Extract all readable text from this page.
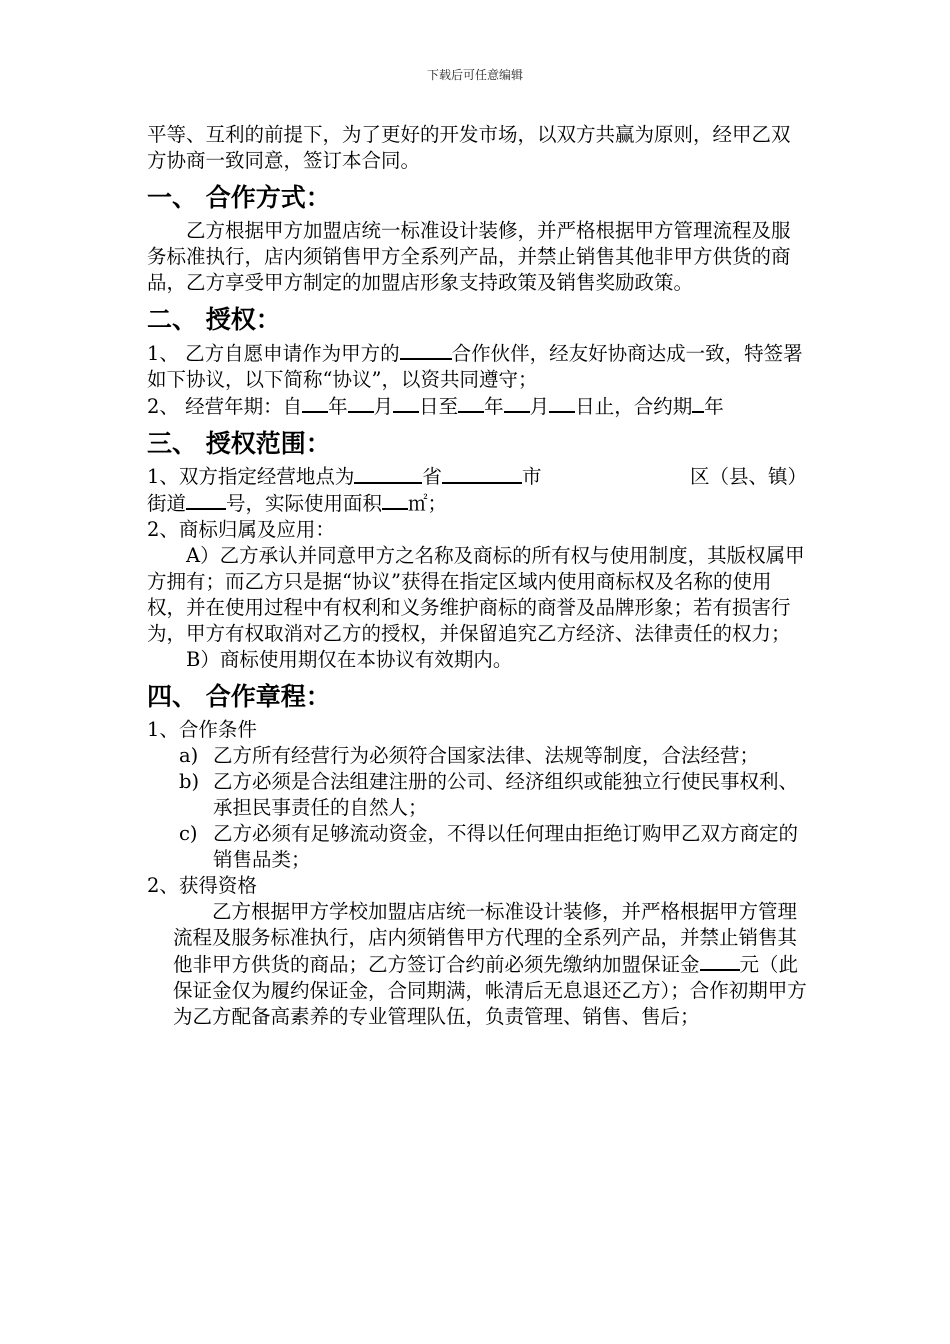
下载后可任意编辑

平等、互利的前提下，为了更好的开发市场，以双方共赢为原则，经甲乙双方协商一致同意，签订本合同。

一、 合作方式：

乙方根据甲方加盟店统一标准设计装修，并严格根据甲方管理流程及服务标准执行，店内须销售甲方全系列产品，并禁止销售其他非甲方供货的商品，乙方享受甲方制定的加盟店形象支持政策及销售奖励政策。

二、 授权：

1、 乙方自愿申请作为甲方的	合作伙伴，经友好协商达成一致，特签署如下协议，以下简称“协议”，以资共同遵守；

2、 经营年期：自 年 月 日至 年 月 日止，合约期 年

三、 授权范围：
1、双方指定经营地点为	省	市	区（县、镇）

街道 号，实际使用面积 ㎡；

2、商标归属及应用：

A）乙方承认并同意甲方之名称及商标的所有权与使用制度，其版权属甲方拥有；而乙方只是据“协议”获得在指定区域内使用商标权及名称的使用权，并在使用过程中有权利和义务维护商标的商誉及品牌形象；若有损害行为，甲方有权取消对乙方的授权，并保留追究乙方经济、法律责任的权力；

B）商标使用期仅在本协议有效期内。

四、 合作章程：

1、合作条件

a) 乙方所有经营行为必须符合国家法律、法规等制度，合法经营；
b) 乙方必须是合法组建注册的公司、经济组织或能独立行使民事权利、承担民事责任的自然人；
c) 乙方必须有足够流动资金，不得以任何理由拒绝订购甲乙双方商定的销售品类；

2、获得资格

乙方根据甲方学校加盟店店统一标准设计装修，并严格根据甲方管理流程及服务标准执行，店内须销售甲方代理的全系列产品，并禁止销售其他非甲方供货的商品；乙方签订合约前必须先缴纳加盟保证金 元（此保证金仅为履约保证金，合同期满，帐清后无息退还乙方）；合作初期甲方为乙方配备高素养的专业管理队伍，负责管理、销售、售后；
